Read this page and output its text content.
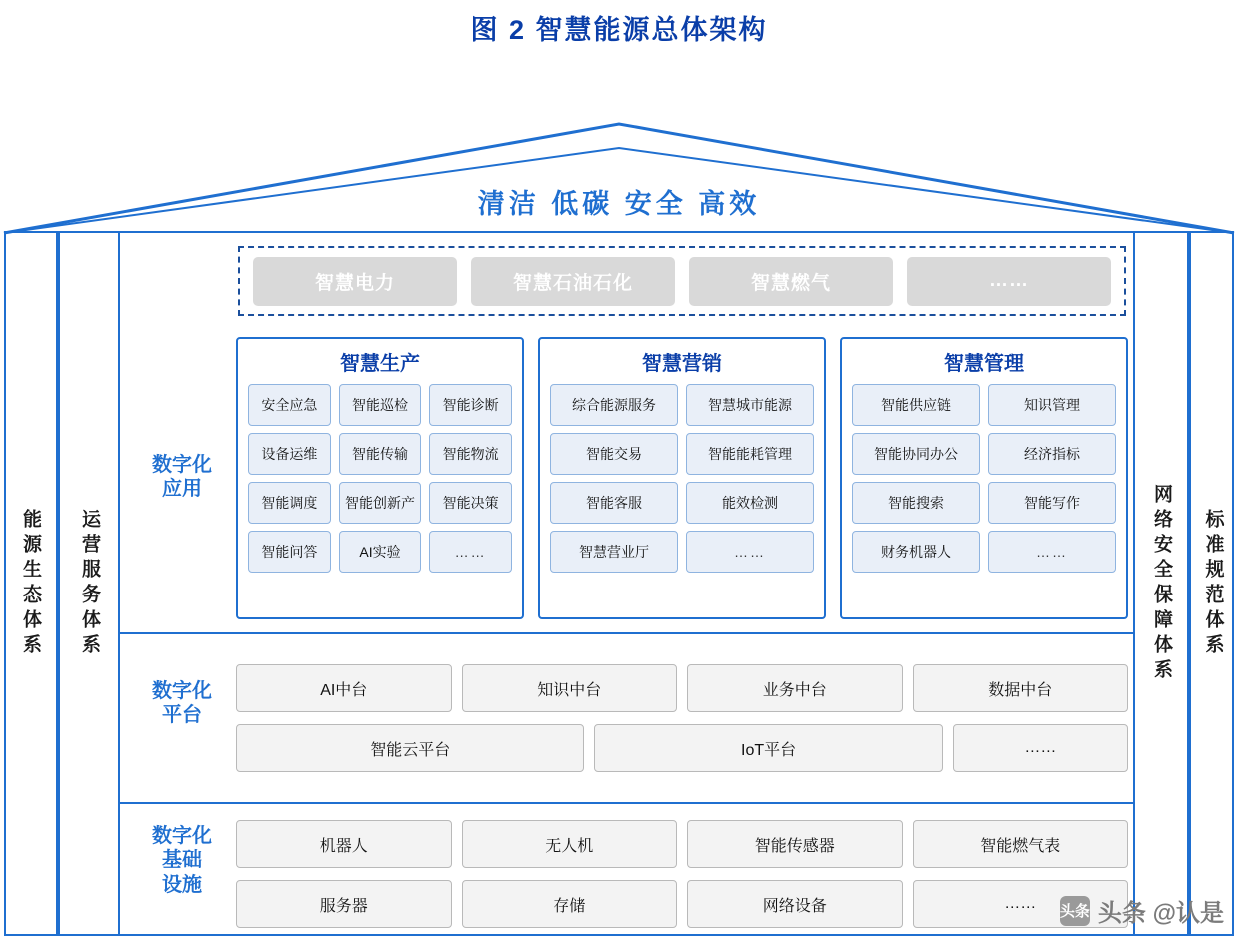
图 2 智慧能源总体架构
清洁 低碳 安全 高效
能源生态体系 运营服务体系	网络安全保障体系 标准规范体系
数字化
应用
智慧电力	智慧石油石化	智慧燃气	……
智慧生产
安全应急	智能巡检	智能诊断
设备运维	智能传输	智能物流
智能调度	智能创新产	智能决策
智能问答	AI实验	……
智慧营销
综合能源服务	智慧城市能源
智能交易	智能能耗管理
智能客服	能效检测
智慧营业厅	……
智慧管理
智能供应链	知识管理
智能协同办公	经济指标
智能搜索	智能写作
财务机器人	……
数字化
平台
AI中台	知识中台	业务中台	数据中台
智能云平台	IoT平台	……
数字化
基础
设施
机器人	无人机	智能传感器	智能燃气表
服务器	存储	网络设备	……	头条 头条 @认是
